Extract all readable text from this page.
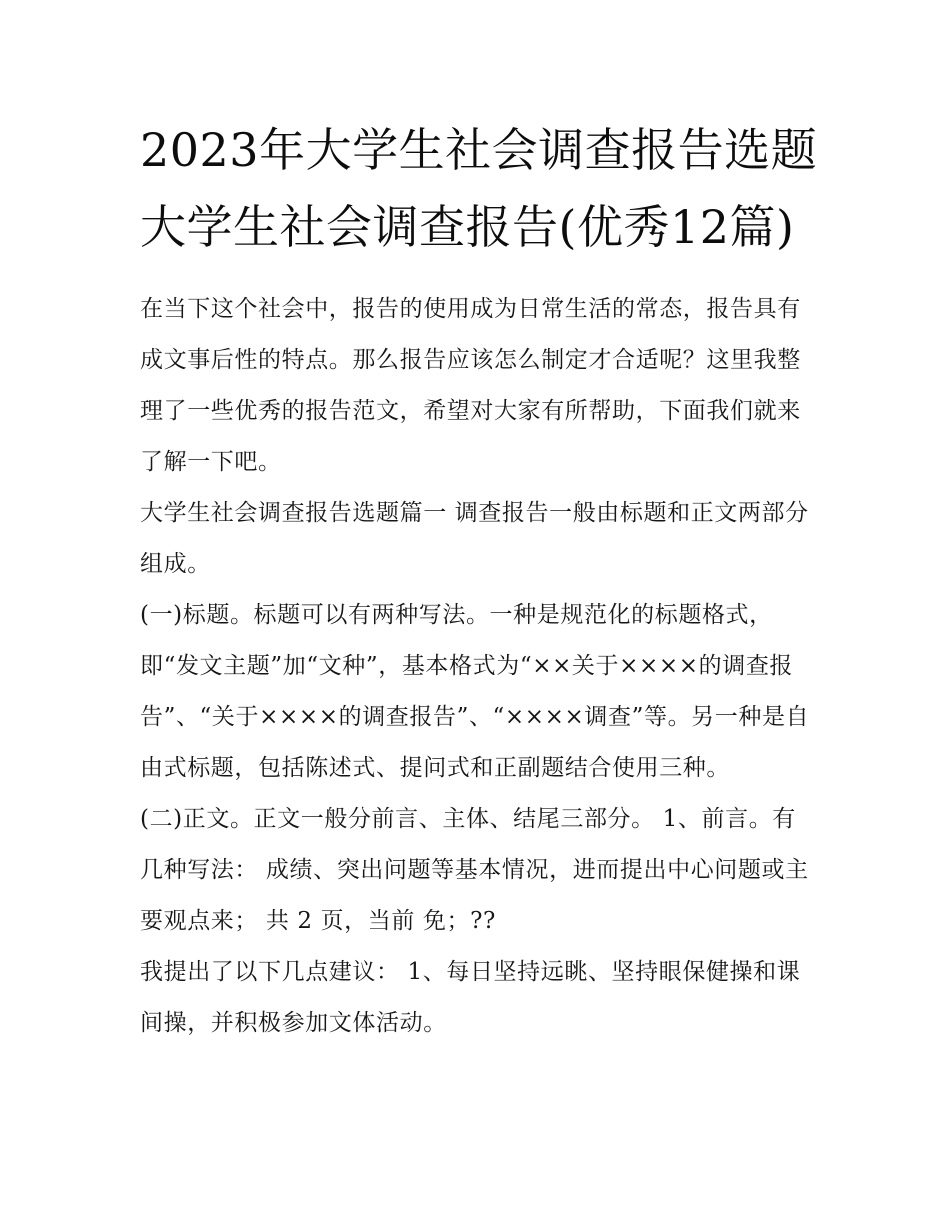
2023年大学生社会调查报告选题 大学生社会调查报告(优秀12篇)

在当下这个社会中，报告的使用成为日常生活的常态，报告具有成文事后性的特点。那么报告应该怎么制定才合适呢？这里我整理了一些优秀的报告范文，希望对大家有所帮助，下面我们就来了解一下吧。

大学生社会调查报告选题篇一 调查报告一般由标题和正文两部分组成。

(一)标题。标题可以有两种写法。一种是规范化的标题格式，即“发文主题”加“文种”，基本格式为“××关于××××的调查报告”、“关于××××的调查报告”、“××××调查”等。另一种是自由式标题，包括陈述式、提问式和正副题结合使用三种。

(二)正文。正文一般分前言、主体、结尾三部分。 1、前言。有几种写法： 成绩、突出问题等基本情况，进而提出中心问题或主要观点来； 共 2 页，当前 免；??

我提出了以下几点建议： 1、每日坚持远眺、坚持眼保健操和课间操，并积极参加文体活动。
